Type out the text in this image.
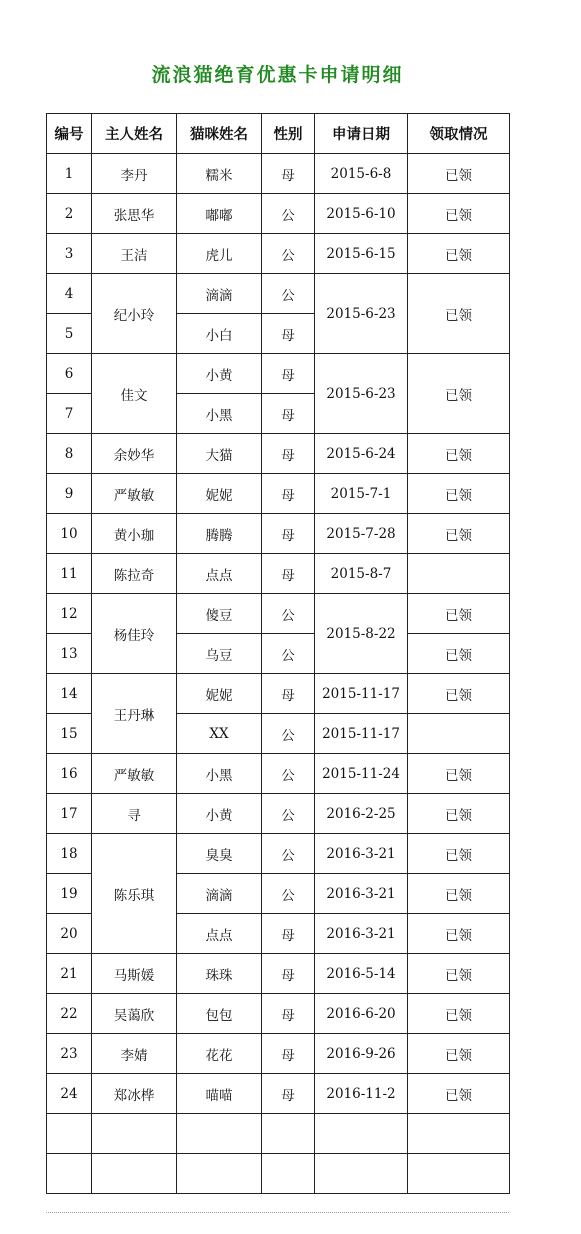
流浪猫绝育优惠卡申请明细
编号	主人姓名	猫咪姓名	性别	申请日期	领取情况
1	李丹	糯米	母	2015-6-8	已领
2	张思华	嘟嘟	公	2015-6-10	已领
3	王洁	虎儿	公	2015-6-15	已领
4	纪小玲	滴滴	公	2015-6-23	已领
5		小白	母		
6	佳文	小黄	母	2015-6-23	已领
7		小黑	母		
8	余妙华	大猫	母	2015-6-24	已领
9	严敏敏	妮妮	母	2015-7-1	已领
10	黄小珈	腾腾	母	2015-7-28	已领
11	陈拉奇	点点	母	2015-8-7	
12	杨佳玲	傻豆	公	2015-8-22	已领
13		乌豆	公		已领
14	王丹琳	妮妮	母	2015-11-17	已领
15		XX	公	2015-11-17	
16	严敏敏	小黑	公	2015-11-24	已领
17	寻	小黄	公	2016-2-25	已领
18	陈乐琪	臭臭	公	2016-3-21	已领
19		滴滴	公	2016-3-21	已领
20		点点	母	2016-3-21	已领
21	马斯媛	珠珠	母	2016-5-14	已领
22	吴蔼欣	包包	母	2016-6-20	已领
23	李婧	花花	母	2016-9-26	已领
24	郑冰桦	喵喵	母	2016-11-2	已领
